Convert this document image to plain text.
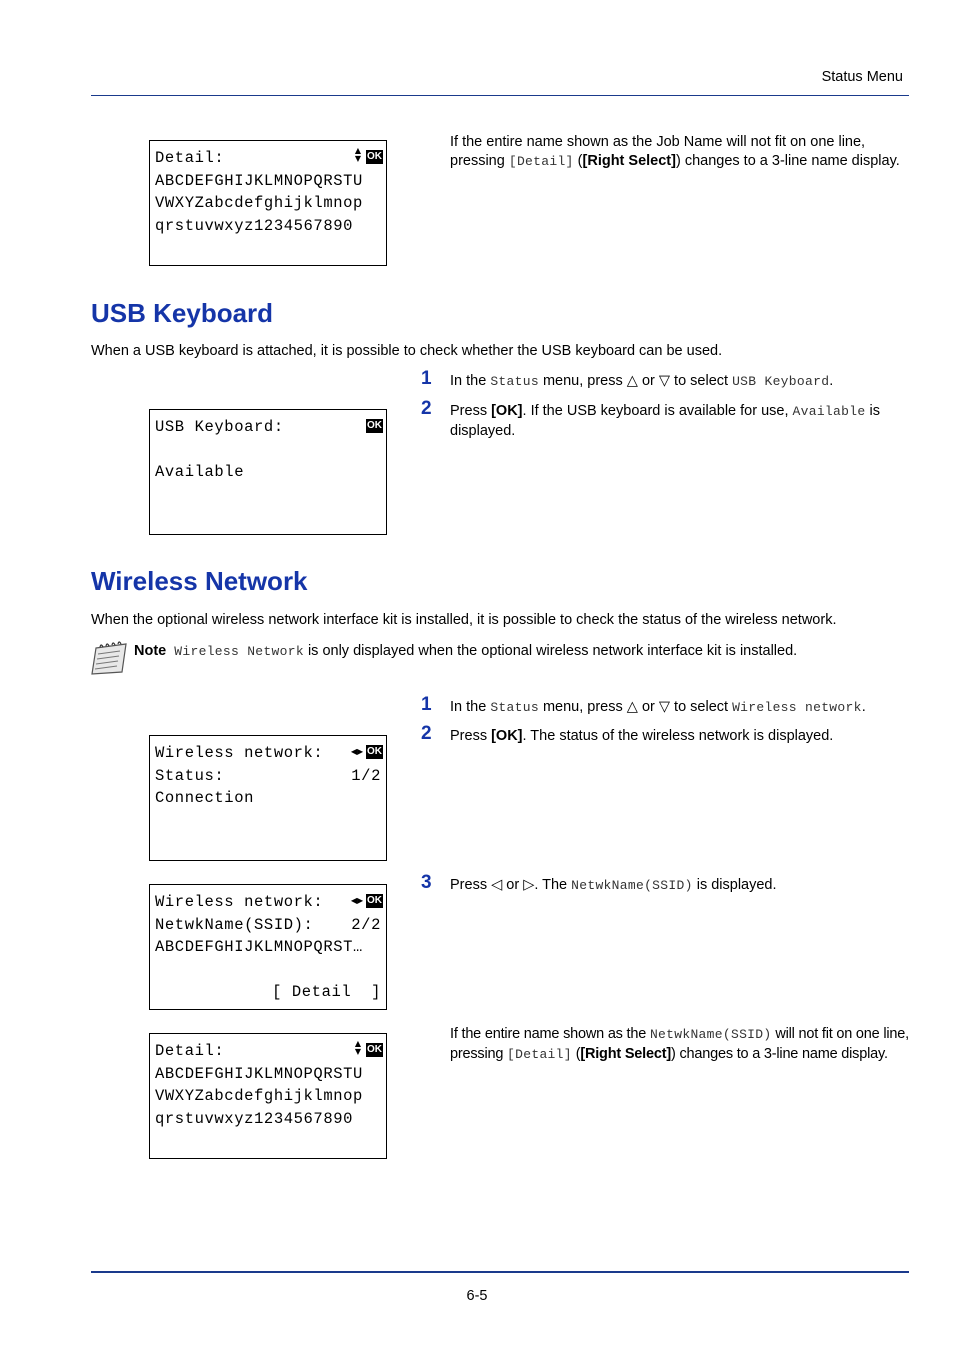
Status Menu
Detail:	▲
▼ OK
ABCDEFGHIJKLMNOPQRSTU
VWXYZabcdefghijklmnop
qrstuvwxyz1234567890
If the entire name shown as the Job Name will not fit on one line, pressing [Detail] ([Right Select]) changes to a 3-line name display.
USB Keyboard
When a USB keyboard is attached, it is possible to check whether the USB keyboard can be used.
1 In the Status menu, press △ or ▽ to select USB Keyboard.
2 Press [OK]. If the USB keyboard is available for use, Available is displayed.
USB Keyboard:	OK
Available
Wireless Network
When the optional wireless network interface kit is installed, it is possible to check the status of the wireless network.
Note Wireless Network is only displayed when the optional wireless network interface kit is installed.
1 In the Status menu, press △ or ▽ to select Wireless network.
2 Press [OK]. The status of the wireless network is displayed.
Wireless network:	◀▶ OK
Status:	1/2
Connection
3 Press ◁ or ▷. The NetwkName(SSID) is displayed.
Wireless network:	◀▶ OK
NetwkName(SSID): 2/2
ABCDEFGHIJKLMNOPQRST…
[ Detail  ]
If the entire name shown as the NetwkName(SSID) will not fit on one line, pressing [Detail] ([Right Select]) changes to a 3-line name display.
Detail:	▲
▼ OK
ABCDEFGHIJKLMNOPQRSTU
VWXYZabcdefghijklmnop
qrstuvwxyz1234567890
6-5
